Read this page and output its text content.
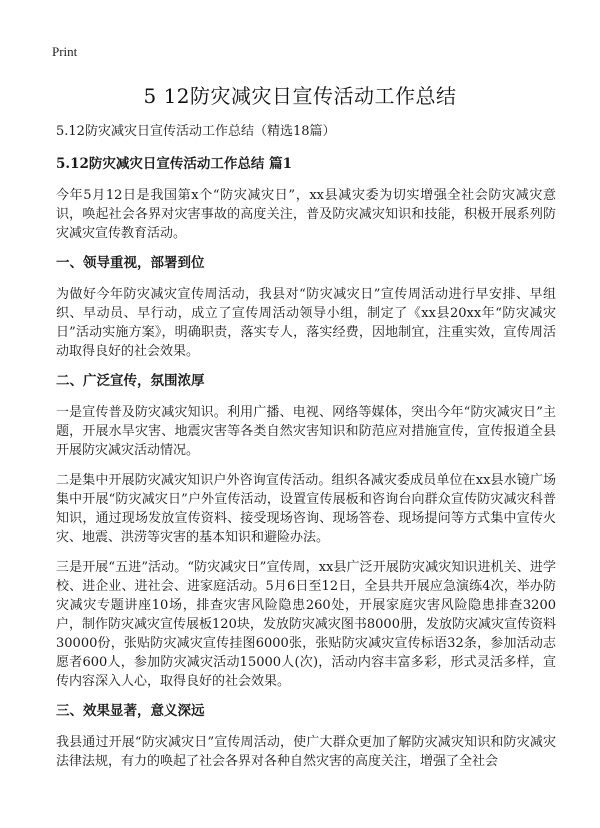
Print
5 12防灾减灾日宣传活动工作总结

5.12防灾减灾日宣传活动工作总结（精选18篇）

5.12防灾减灾日宣传活动工作总结 篇1

今年5月12日是我国第x个“防灾减灾日”，xx县减灾委为切实增强全社会防灾减灾意识，唤起社会各界对灾害事故的高度关注，普及防灾减灾知识和技能，积极开展系列防灾减灾宣传教育活动。

一、领导重视，部署到位

为做好今年防灾减灾宣传周活动，我县对“防灾减灾日”宣传周活动进行早安排、早组织、早动员、早行动，成立了宣传周活动领导小组，制定了《xx县20xx年“防灾减灾日”活动实施方案》，明确职责，落实专人，落实经费，因地制宜，注重实效，宣传周活动取得良好的社会效果。

二、广泛宣传，氛围浓厚

一是宣传普及防灾减灾知识。利用广播、电视、网络等媒体，突出今年“防灾减灾日”主题，开展水旱灾害、地震灾害等各类自然灾害知识和防范应对措施宣传，宣传报道全县开展防灾减灾活动情况。

二是集中开展防灾减灾知识户外咨询宣传活动。组织各减灾委成员单位在xx县水镜广场集中开展“防灾减灾日”户外宣传活动，设置宣传展板和咨询台向群众宣传防灾减灾科普知识，通过现场发放宣传资料、接受现场咨询、现场答卷、现场提问等方式集中宣传火灾、地震、洪涝等灾害的基本知识和避险办法。

三是开展“五进”活动。“防灾减灾日”宣传周，xx县广泛开展防灾减灾知识进机关、进学校、进企业、进社会、进家庭活动。5月6日至12日，全县共开展应急演练4次，举办防灾减灾专题讲座10场，排查灾害风险隐患260处，开展家庭灾害风险隐患排查3200户，制作防灾减灾宣传展板120块，发放防灾减灾图书8000册，发放防灾减灾宣传资料30000份，张贴防灾减灾宣传挂图6000张，张贴防灾减灾宣传标语32条，参加活动志愿者600人，参加防灾减灾活动15000人(次)，活动内容丰富多彩，形式灵活多样，宣传内容深入人心，取得良好的社会效果。

三、效果显著，意义深远

我县通过开展“防灾减灾日”宣传周活动，使广大群众更加了解防灾减灾知识和防灾减灾法律法规，有力的唤起了社会各界对各种自然灾害的高度关注，增强了全社会
